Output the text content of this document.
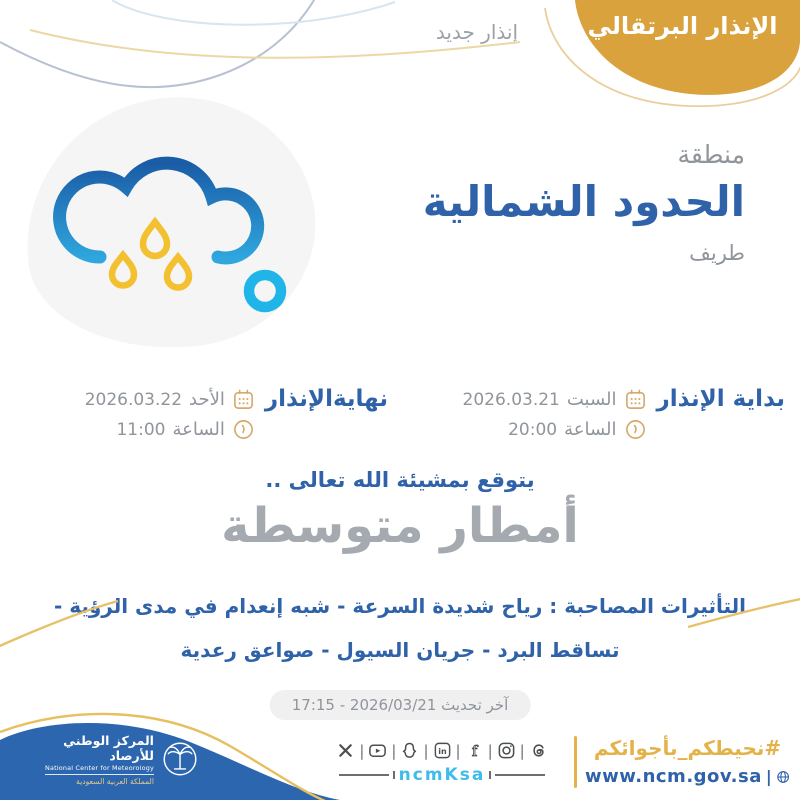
الإنذار البرتقالي
إنذار جديد
منطقة
الحدود الشمالية
طريف
بداية الإنذار
السبت
2026.03.21
الساعة
20:00
نهايةالإنذار
الأحد
2026.03.22
الساعة
11:00
يتوقع بمشيئة الله تعالى ..
أمطار متوسطة
التأثيرات المصاحبة : رياح شديدة السرعة - شبه إنعدام في مدى الرؤية -
تساقط البرد - جريان السيول - صواعق رعدية
آخر تحديث 2026/03/21 - 17:15
المركز الوطني للأرصاد
National Center for Meteorology
المملكة العربية السعودية
| | | in | f | |
ncmKsa
#نحيطكم_بأجوائكم
|
www.ncm.gov.sa
